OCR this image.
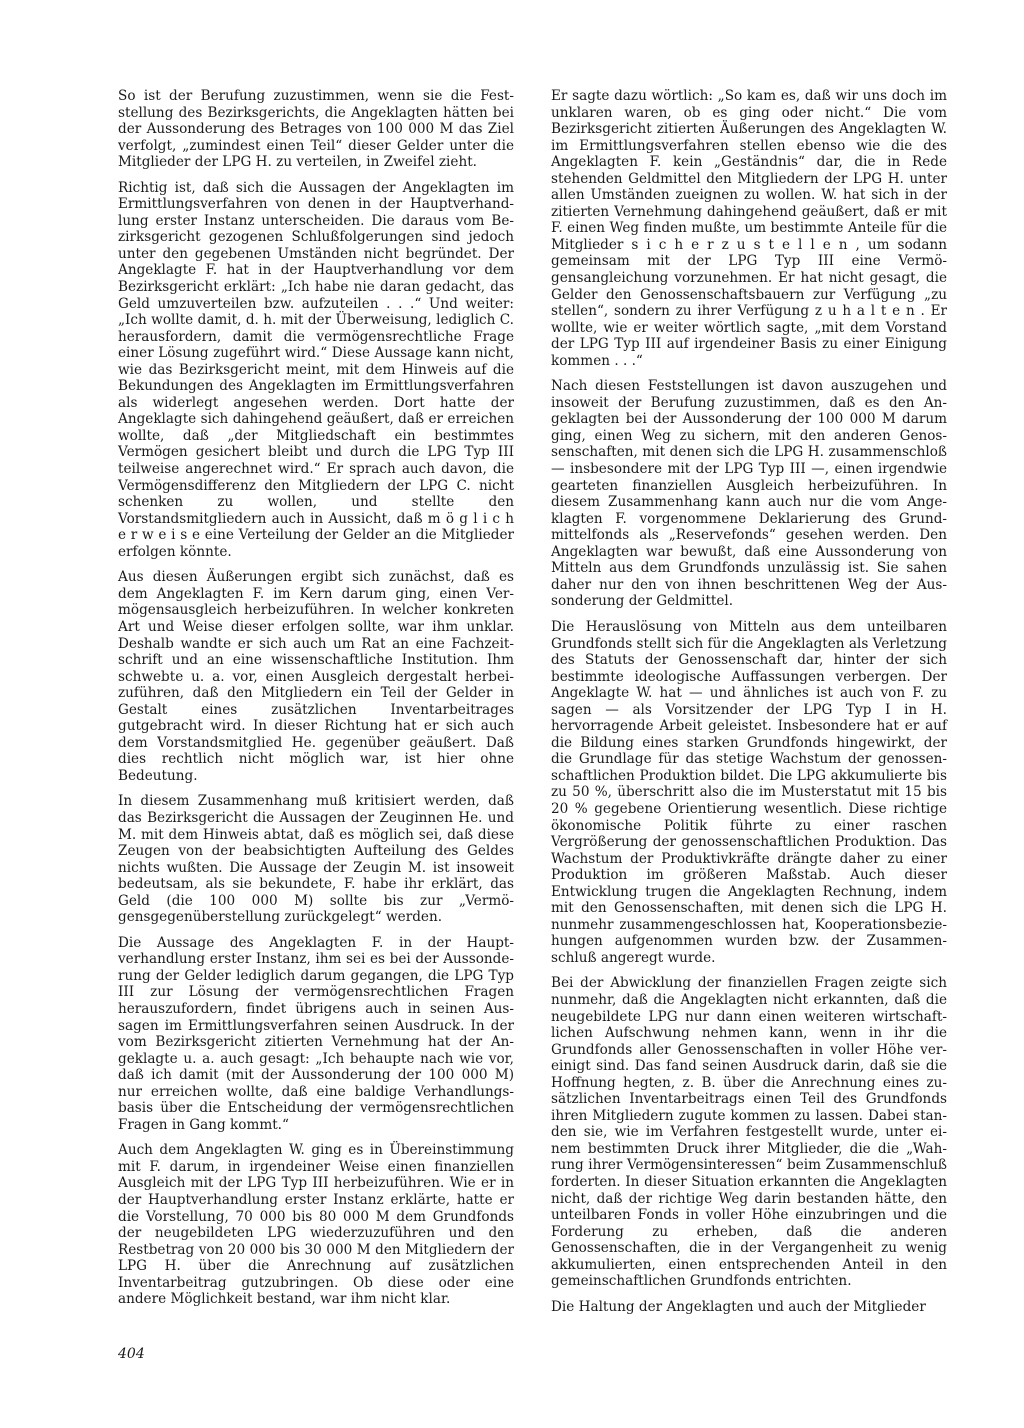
So ist der Berufung zuzustimmen, wenn sie die Feststellung des Bezirksgerichts, die Angeklagten hätten bei der Aussonderung des Betrages von 100 000 M das Ziel verfolgt, „zumindest einen Teil“ dieser Gelder unter die Mitglieder der LPG H. zu verteilen, in Zweifel zieht.

Richtig ist, daß sich die Aussagen der Angeklagten im Ermittlungsverfahren von denen in der Hauptverhandlung erster Instanz unterscheiden. Die daraus vom Bezirksgericht gezogenen Schlußfolgerungen sind jedoch unter den gegebenen Umständen nicht begründet. Der Angeklagte F. hat in der Hauptverhandlung vor dem Bezirksgericht erklärt: „Ich habe nie daran gedacht, das Geld umzuverteilen bzw. aufzuteilen . . .“ Und weiter: „Ich wollte damit, d. h. mit der Überweisung, lediglich C. herausfordern, damit die vermögensrechtliche Frage einer Lösung zugeführt wird.“ Diese Aussage kann nicht, wie das Bezirksgericht meint, mit dem Hinweis auf die Bekundungen des Angeklagten im Ermittlungsverfahren als widerlegt angesehen werden. Dort hatte der Angeklagte sich dahingehend geäußert, daß er erreichen wollte, daß „der Mitgliedschaft ein bestimmtes Vermögen gesichert bleibt und durch die LPG Typ III teilweise angerechnet wird.“ Er sprach auch davon, die Vermögensdifferenz den Mitgliedern der LPG C. nicht schenken zu wollen, und stellte den Vorstandsmitgliedern auch in Aussicht, daß m ö g l i c h e r w e i s e eine Verteilung der Gelder an die Mitglieder erfolgen könnte.

Aus diesen Äußerungen ergibt sich zunächst, daß es dem Angeklagten F. im Kern darum ging, einen Vermögensausgleich herbeizuführen. In welcher konkreten Art und Weise dieser erfolgen sollte, war ihm unklar. Deshalb wandte er sich auch um Rat an eine Fachzeitschrift und an eine wissenschaftliche Institution. Ihm schwebte u. a. vor, einen Ausgleich dergestalt herbeizuführen, daß den Mitgliedern ein Teil der Gelder in Gestalt eines zusätzlichen Inventarbeitrages gutgebracht wird. In dieser Richtung hat er sich auch dem Vorstandsmitglied He. gegenüber geäußert. Daß dies rechtlich nicht möglich war, ist hier ohne Bedeutung.

In diesem Zusammenhang muß kritisiert werden, daß das Bezirksgericht die Aussagen der Zeuginnen He. und M. mit dem Hinweis abtat, daß es möglich sei, daß diese Zeugen von der beabsichtigten Aufteilung des Geldes nichts wußten. Die Aussage der Zeugin M. ist insoweit bedeutsam, als sie bekundete, F. habe ihr erklärt, das Geld (die 100 000 M) sollte bis zur „Vermögensgegenüberstellung zurückgelegt“ werden.

Die Aussage des Angeklagten F. in der Hauptverhandlung erster Instanz, ihm sei es bei der Aussonderung der Gelder lediglich darum gegangen, die LPG Typ III zur Lösung der vermögensrechtlichen Fragen herauszufordern, findet übrigens auch in seinen Aussagen im Ermittlungsverfahren seinen Ausdruck. In der vom Bezirksgericht zitierten Vernehmung hat der Angeklagte u. a. auch gesagt: „Ich behaupte nach wie vor, daß ich damit (mit der Aussonderung der 100 000 M) nur erreichen wollte, daß eine baldige Verhandlungsbasis über die Entscheidung der vermögensrechtlichen Fragen in Gang kommt.“

Auch dem Angeklagten W. ging es in Übereinstimmung mit F. darum, in irgendeiner Weise einen finanziellen Ausgleich mit der LPG Typ III herbeizuführen. Wie er in der Hauptverhandlung erster Instanz erklärte, hatte er die Vorstellung, 70 000 bis 80 000 M dem Grundfonds der neugebildeten LPG wiederzuzuführen und den Restbetrag von 20 000 bis 30 000 M den Mitgliedern der LPG H. über die Anrechnung auf zusätzlichen Inventarbeitrag gutzubringen. Ob diese oder eine andere Möglichkeit bestand, war ihm nicht klar.

Er sagte dazu wörtlich: „So kam es, daß wir uns doch im unklaren waren, ob es ging oder nicht.“ Die vom Bezirksgericht zitierten Äußerungen des Angeklagten W. im Ermittlungsverfahren stellen ebenso wie die des Angeklagten F. kein „Geständnis“ dar, die in Rede stehenden Geldmittel den Mitgliedern der LPG H. unter allen Umständen zueignen zu wollen. W. hat sich in der zitierten Vernehmung dahingehend geäußert, daß er mit F. einen Weg finden mußte, um bestimmte Anteile für die Mitglieder s i c h e r z u s t e l l e n , um sodann gemeinsam mit der LPG Typ III eine Vermögensangleichung vorzunehmen. Er hat nicht gesagt, die Gelder den Genossenschaftsbauern zur Verfügung „zu stellen“, sondern zu ihrer Verfügung z u h a l t e n . Er wollte, wie er weiter wörtlich sagte, „mit dem Vorstand der LPG Typ III auf irgendeiner Basis zu einer Einigung kommen . . .“

Nach diesen Feststellungen ist davon auszugehen und insoweit der Berufung zuzustimmen, daß es den Angeklagten bei der Aussonderung der 100 000 M darum ging, einen Weg zu sichern, mit den anderen Genossenschaften, mit denen sich die LPG H. zusammenschloß — insbesondere mit der LPG Typ III —, einen irgendwie gearteten finanziellen Ausgleich herbeizuführen. In diesem Zusammenhang kann auch nur die vom Angeklagten F. vorgenommene Deklarierung des Grundmittelfonds als „Reservefonds“ gesehen werden. Den Angeklagten war bewußt, daß eine Aussonderung von Mitteln aus dem Grundfonds unzulässig ist. Sie sahen daher nur den von ihnen beschrittenen Weg der Aussonderung der Geldmittel.

Die Herauslösung von Mitteln aus dem unteilbaren Grundfonds stellt sich für die Angeklagten als Verletzung des Statuts der Genossenschaft dar, hinter der sich bestimmte ideologische Auffassungen verbergen. Der Angeklagte W. hat — und ähnliches ist auch von F. zu sagen — als Vorsitzender der LPG Typ I in H. hervorragende Arbeit geleistet. Insbesondere hat er auf die Bildung eines starken Grundfonds hingewirkt, der die Grundlage für das stetige Wachstum der genossenschaftlichen Produktion bildet. Die LPG akkumulierte bis zu 50 %, überschritt also die im Musterstatut mit 15 bis 20 % gegebene Orientierung wesentlich. Diese richtige ökonomische Politik führte zu einer raschen Vergrößerung der genossenschaftlichen Produktion. Das Wachstum der Produktivkräfte drängte daher zu einer Produktion im größeren Maßstab. Auch dieser Entwicklung trugen die Angeklagten Rechnung, indem mit den Genossenschaften, mit denen sich die LPG H. nunmehr zusammengeschlossen hat, Kooperationsbeziehungen aufgenommen wurden bzw. der Zusammenschluß angeregt wurde.

Bei der Abwicklung der finanziellen Fragen zeigte sich nunmehr, daß die Angeklagten nicht erkannten, daß die neugebildete LPG nur dann einen weiteren wirtschaftlichen Aufschwung nehmen kann, wenn in ihr die Grundfonds aller Genossenschaften in voller Höhe vereinigt sind. Das fand seinen Ausdruck darin, daß sie die Hoffnung hegten, z. B. über die Anrechnung eines zusätzlichen Inventarbeitrags einen Teil des Grundfonds ihren Mitgliedern zugute kommen zu lassen. Dabei standen sie, wie im Verfahren festgestellt wurde, unter einem bestimmten Druck ihrer Mitglieder, die die „Wahrung ihrer Vermögensinteressen“ beim Zusammenschluß forderten. In dieser Situation erkannten die Angeklagten nicht, daß der richtige Weg darin bestanden hätte, den unteilbaren Fonds in voller Höhe einzubringen und die Forderung zu erheben, daß die anderen Genossenschaften, die in der Vergangenheit zu wenig akkumulierten, einen entsprechenden Anteil in den gemeinschaftlichen Grundfonds entrichten.

Die Haltung der Angeklagten und auch der Mitglieder

404
